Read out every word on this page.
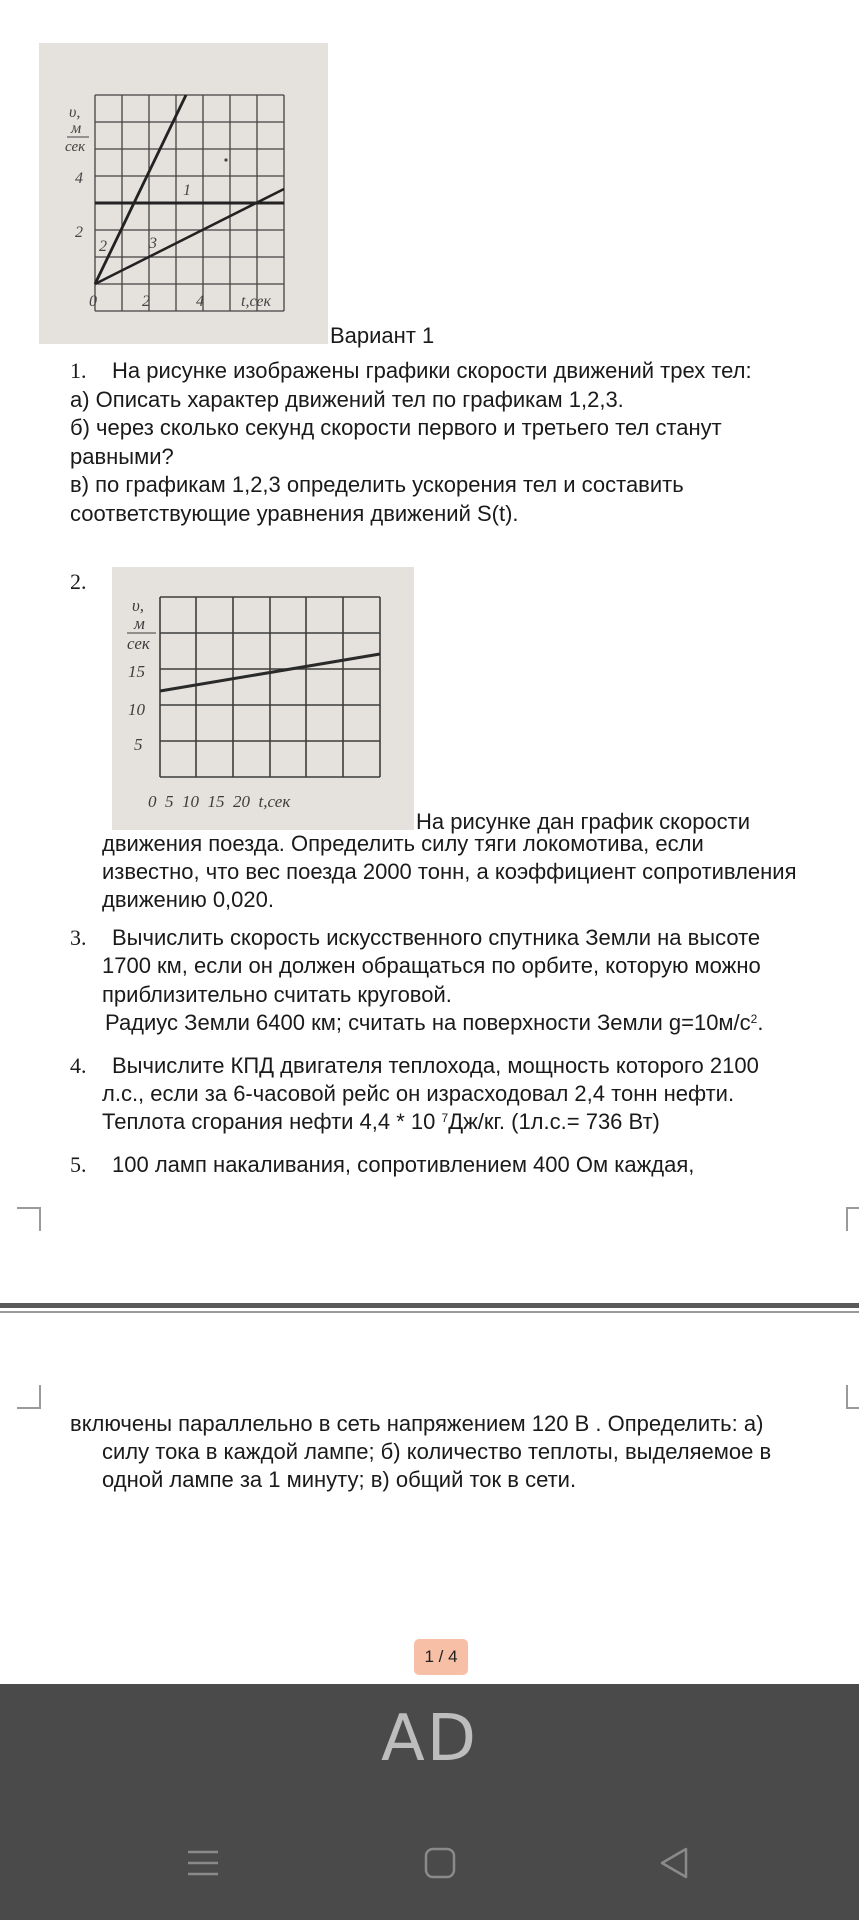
υ,
м
сек
4
2
0	2	4 t,сек
1
2	3
Вариант 1
1. На рисунке изображены графики скорости движений трех тел:
а) Описать характер движений тел по графикам 1,2,3.
б) через сколько секунд скорости первого и третьего тел станут
равными?
в) по графикам 1,2,3 определить ускорения тел и составить
соответствующие уравнения движений S(t).
2.
υ,
м
сек
15
10
5
0  5  10  15  20  t,сек
На рисунке дан график скорости
движения поезда. Определить силу тяги локомотива, если
известно, что вес поезда 2000 тонн, а коэффициент сопротивления
движению 0,020.
3. Вычислить скорость искусственного спутника Земли на высоте
1700 км, если он должен обращаться по орбите, которую можно
приблизительно считать круговой.
Радиус Земли 6400 км; считать на поверхности Земли $g=10м/с^2$.
4. Вычислите КПД двигателя теплохода, мощность которого 2100
л.с., если за 6-часовой рейс он израсходовал 2,4 тонн нефти.
Теплота сгорания нефти 4,4 * 10 $^7$Дж/кг. (1л.с.= 736 Вт)
5. 100 ламп накаливания, сопротивлением 400 Ом каждая,
включены параллельно в сеть напряжением 120 В . Определить: а)
силу тока в каждой лампе; б) количество теплоты, выделяемое в
одной лампе за 1 минуту; в) общий ток в сети.
1 / 4
AD
